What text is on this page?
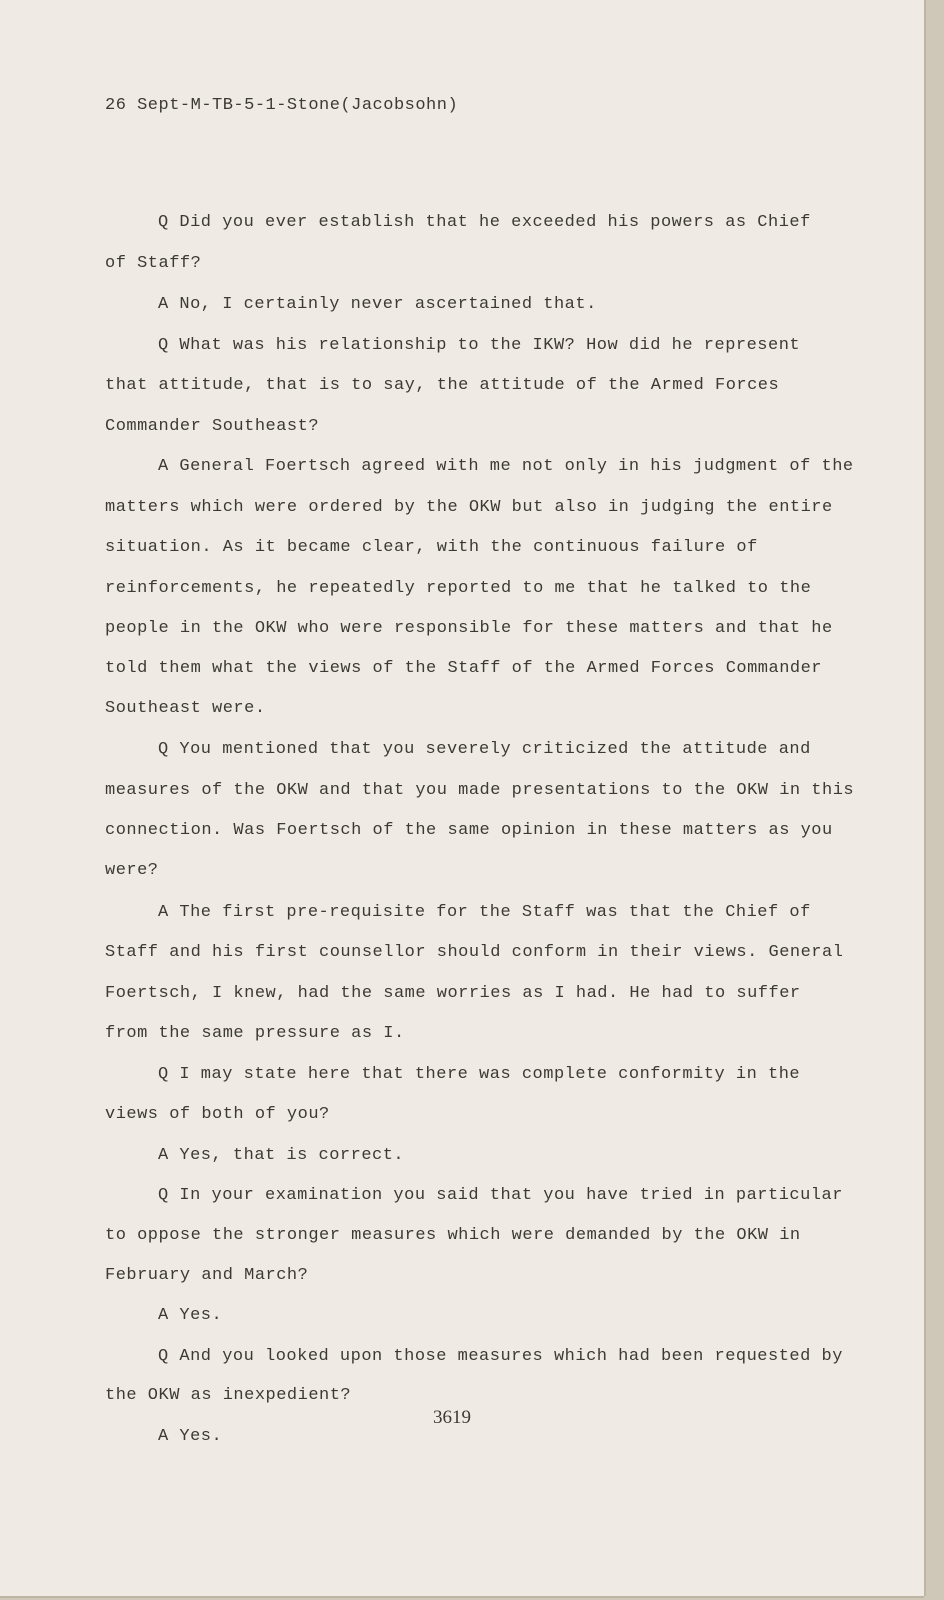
26 Sept-M-TB-5-1-Stone(Jacobsohn)
Q Did you ever establish that he exceeded his powers as Chief
of Staff?
A No, I certainly never ascertained that.
Q What was his relationship to the IKW? How did he represent
that attitude, that is to say, the attitude of the Armed Forces
Commander Southeast?
A General Foertsch agreed with me not only in his judgment of the
matters which were ordered by the OKW but also in judging the entire
situation. As it became clear, with the continuous failure of
reinforcements, he repeatedly reported to me that he talked to the
people in the OKW who were responsible for these matters and that he
told them what the views of the Staff of the Armed Forces Commander
Southeast were.
Q You mentioned that you severely criticized the attitude and
measures of the OKW and that you made presentations to the OKW in this
connection. Was Foertsch of the same opinion in these matters as you
were?
A The first pre-requisite for the Staff was that the Chief of
Staff and his first counsellor should conform in their views. General
Foertsch, I knew, had the same worries as I had. He had to suffer
from the same pressure as I.
Q I may state here that there was complete conformity in the
views of both of you?
A Yes, that is correct.
Q In your examination you said that you have tried in particular
to oppose the stronger measures which were demanded by the OKW in
February and March?
A Yes.
Q And you looked upon those measures which had been requested by
the OKW as inexpedient?
A Yes.
3619
